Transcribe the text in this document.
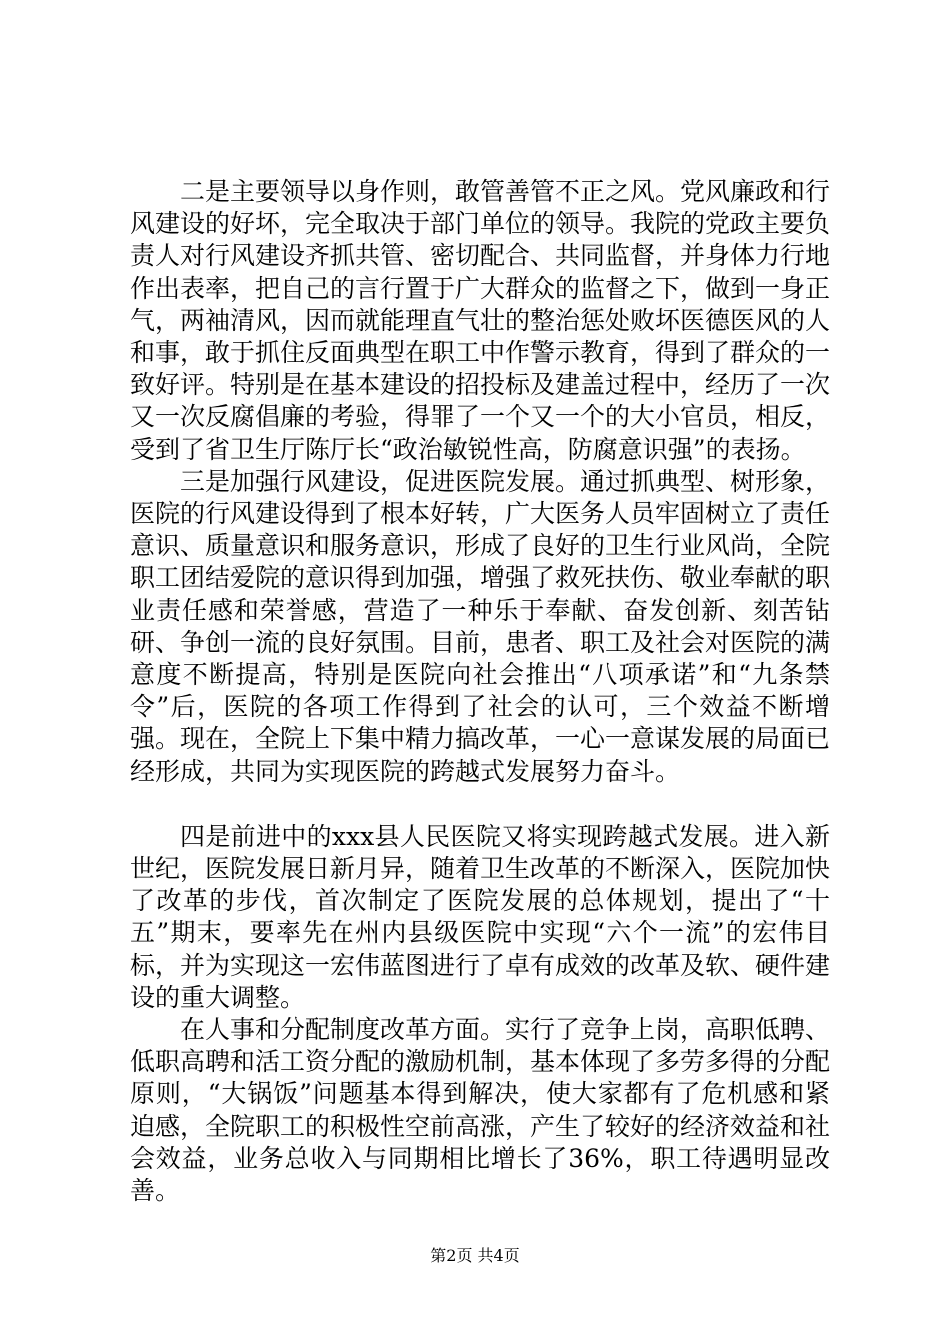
二是主要领导以身作则，敢管善管不正之风。党风廉政和行风建设的好坏，完全取决于部门单位的领导。我院的党政主要负责人对行风建设齐抓共管、密切配合、共同监督，并身体力行地作出表率，把自己的言行置于广大群众的监督之下，做到一身正气，两袖清风，因而就能理直气壮的整治惩处败坏医德医风的人和事，敢于抓住反面典型在职工中作警示教育，得到了群众的一致好评。特别是在基本建设的招投标及建盖过程中，经历了一次又一次反腐倡廉的考验，得罪了一个又一个的大小官员，相反，受到了省卫生厅陈厅长“政治敏锐性高，防腐意识强”的表扬。

三是加强行风建设，促进医院发展。通过抓典型、树形象，医院的行风建设得到了根本好转，广大医务人员牢固树立了责任意识、质量意识和服务意识，形成了良好的卫生行业风尚，全院职工团结爱院的意识得到加强，增强了救死扶伤、敬业奉献的职业责任感和荣誉感，营造了一种乐于奉献、奋发创新、刻苦钻研、争创一流的良好氛围。目前，患者、职工及社会对医院的满意度不断提高，特别是医院向社会推出“八项承诺”和“九条禁令”后，医院的各项工作得到了社会的认可，三个效益不断增强。现在，全院上下集中精力搞改革，一心一意谋发展的局面已经形成，共同为实现医院的跨越式发展努力奋斗。

四是前进中的xxx县人民医院又将实现跨越式发展。进入新世纪，医院发展日新月异，随着卫生改革的不断深入，医院加快了改革的步伐，首次制定了医院发展的总体规划，提出了“十五”期末，要率先在州内县级医院中实现“六个一流”的宏伟目标，并为实现这一宏伟蓝图进行了卓有成效的改革及软、硬件建设的重大调整。

在人事和分配制度改革方面。实行了竞争上岗，高职低聘、低职高聘和活工资分配的激励机制，基本体现了多劳多得的分配原则，“大锅饭”问题基本得到解决，使大家都有了危机感和紧迫感，全院职工的积极性空前高涨，产生了较好的经济效益和社会效益，业务总收入与同期相比增长了36%，职工待遇明显改善。

第2页 共4页
